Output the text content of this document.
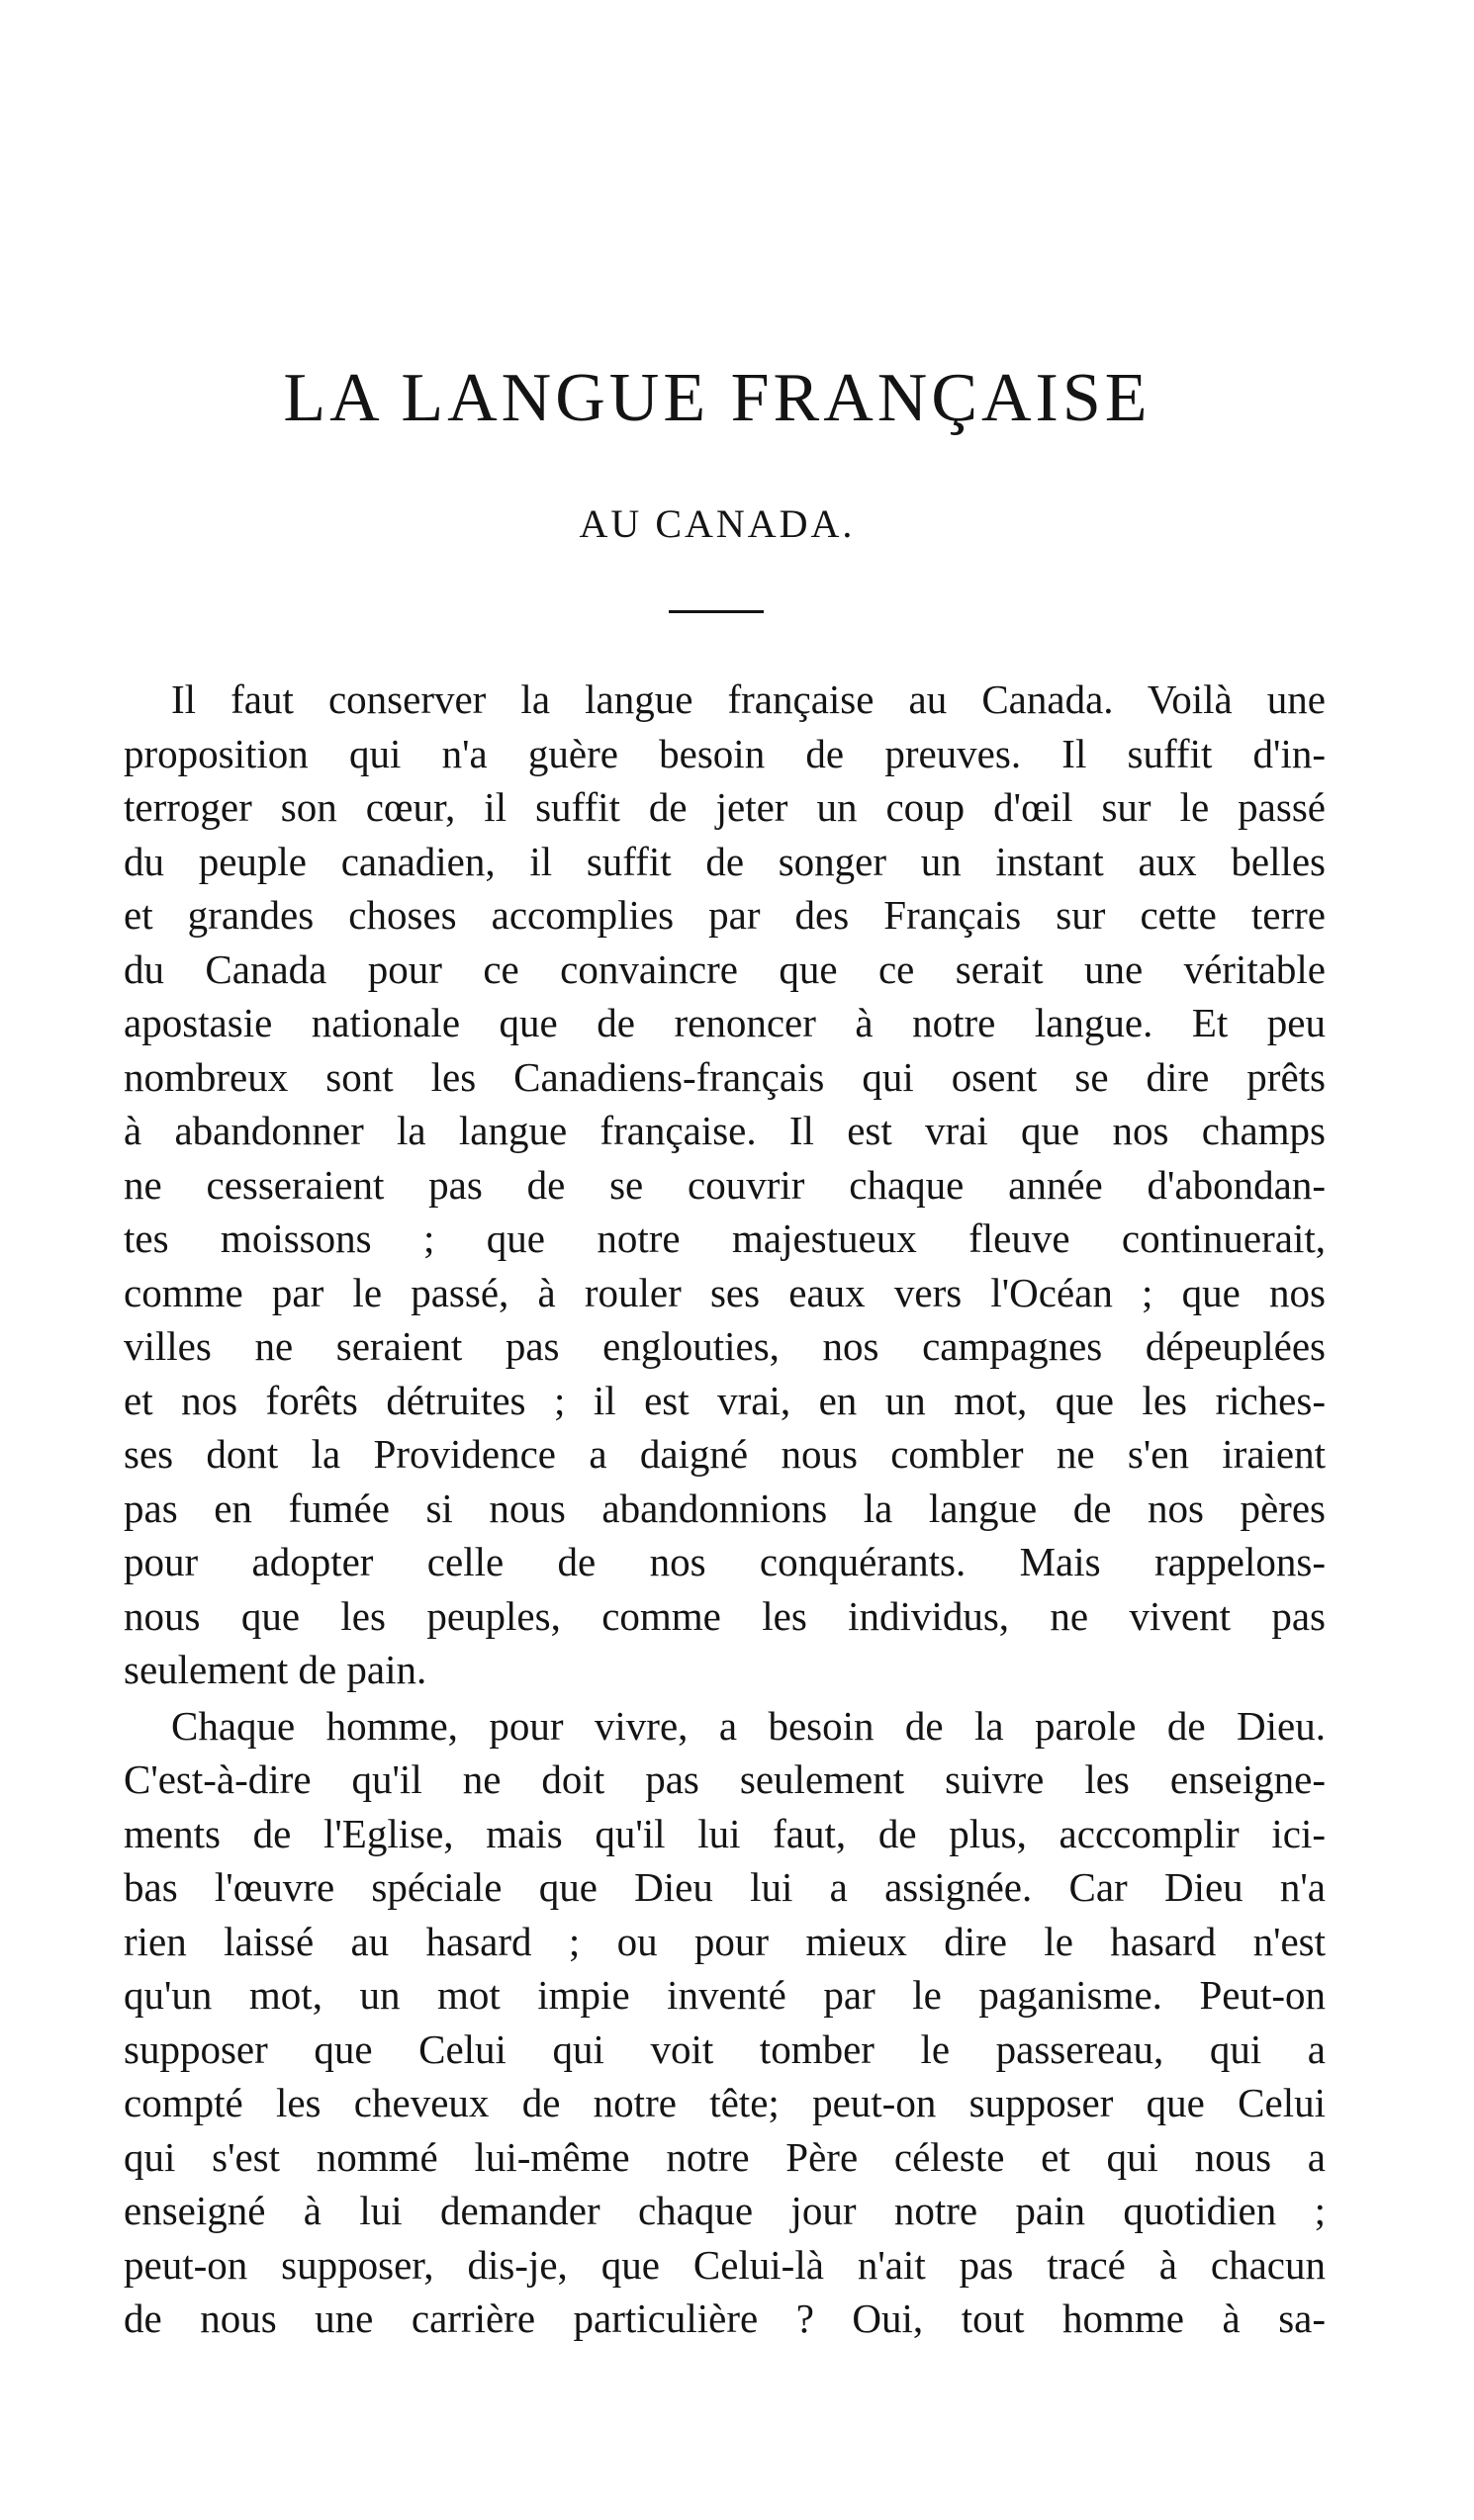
LA LANGUE FRANÇAISE
AU CANADA.
Il faut conserver la langue française au Canada. Voilà une
proposition qui n'a guère besoin de preuves. Il suffit d'in-
terroger son cœur, il suffit de jeter un coup d'œil sur le passé
du peuple canadien, il suffit de songer un instant aux belles
et grandes choses accomplies par des Français sur cette terre
du Canada pour ce convaincre que ce serait une véritable
apostasie nationale que de renoncer à notre langue. Et peu
nombreux sont les Canadiens-français qui osent se dire prêts
à abandonner la langue française. Il est vrai que nos champs
ne cesseraient pas de se couvrir chaque année d'abondan-
tes moissons ; que notre majestueux fleuve continuerait,
comme par le passé, à rouler ses eaux vers l'Océan ; que nos
villes ne seraient pas englouties, nos campagnes dépeuplées
et nos forêts détruites ; il est vrai, en un mot, que les riches-
ses dont la Providence a daigné nous combler ne s'en iraient
pas en fumée si nous abandonnions la langue de nos pères
pour adopter celle de nos conquérants. Mais rappelons-
nous que les peuples, comme les individus, ne vivent pas
seulement de pain.
Chaque homme, pour vivre, a besoin de la parole de Dieu.
C'est-à-dire qu'il ne doit pas seulement suivre les enseigne-
ments de l'Eglise, mais qu'il lui faut, de plus, acccomplir ici-
bas l'œuvre spéciale que Dieu lui a assignée. Car Dieu n'a
rien laissé au hasard ; ou pour mieux dire le hasard n'est
qu'un mot, un mot impie inventé par le paganisme. Peut-on
supposer que Celui qui voit tomber le passereau, qui a
compté les cheveux de notre tête; peut-on supposer que Celui
qui s'est nommé lui-même notre Père céleste et qui nous a
enseigné à lui demander chaque jour notre pain quotidien ;
peut-on supposer, dis-je, que Celui-là n'ait pas tracé à chacun
de nous une carrière particulière ? Oui, tout homme à sa-
